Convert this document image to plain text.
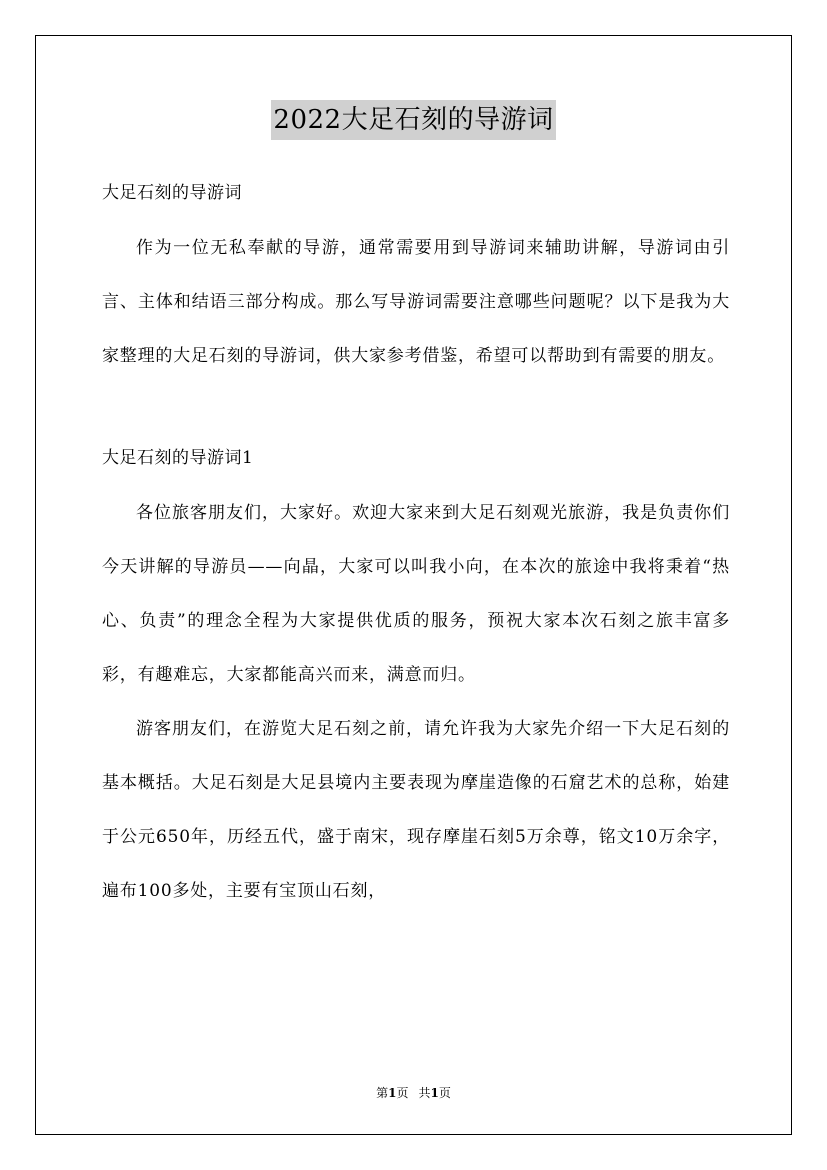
2022大足石刻的导游词

大足石刻的导游词

作为一位无私奉献的导游，通常需要用到导游词来辅助讲解，导游词由引言、主体和结语三部分构成。那么写导游词需要注意哪些问题呢？以下是我为大家整理的大足石刻的导游词，供大家参考借鉴，希望可以帮助到有需要的朋友。

大足石刻的导游词1

各位旅客朋友们，大家好。欢迎大家来到大足石刻观光旅游，我是负责你们今天讲解的导游员——向晶，大家可以叫我小向，在本次的旅途中我将秉着“热心、负责”的理念全程为大家提供优质的服务，预祝大家本次石刻之旅丰富多彩，有趣难忘，大家都能高兴而来，满意而归。

游客朋友们，在游览大足石刻之前，请允许我为大家先介绍一下大足石刻的基本概括。大足石刻是大足县境内主要表现为摩崖造像的石窟艺术的总称，始建于公元650年，历经五代，盛于南宋，现存摩崖石刻5万余尊，铭文10万余字，遍布100多处，主要有宝顶山石刻，

第1页 共1页
